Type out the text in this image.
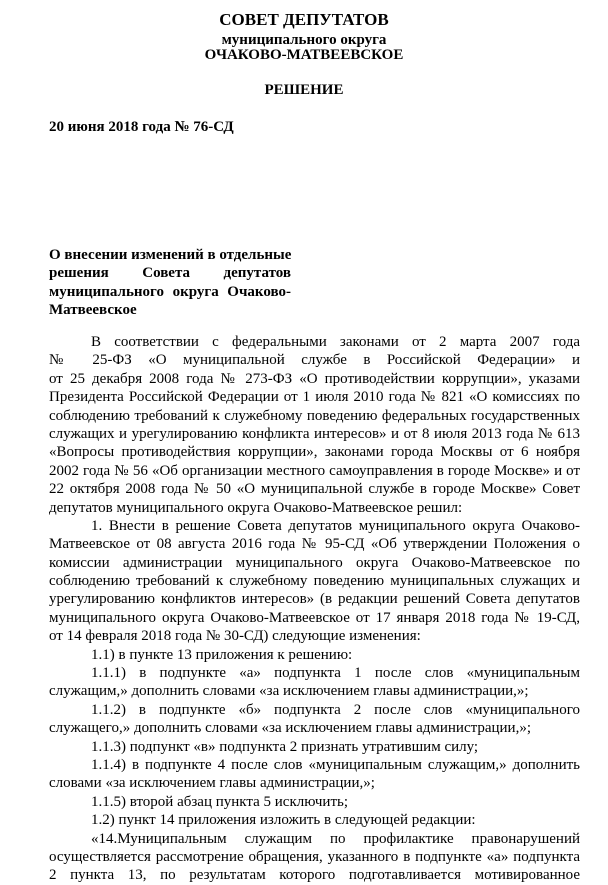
СОВЕТ ДЕПУТАТОВ
муниципального округа
ОЧАКОВО-МАТВЕЕВСКОЕ
РЕШЕНИЕ
20 июня 2018 года № 76-СД
О внесении изменений в отдельные
решения Совета депутатов
муниципального округа Очаково-
Матвеевское
В соответствии с федеральными законами от 2 марта 2007 года
№ 25-ФЗ «О муниципальной службе в Российской Федерации» и
от 25 декабря 2008 года № 273-ФЗ «О противодействии коррупции», указами
Президента Российской Федерации от 1 июля 2010 года № 821 «О комиссиях по
соблюдению требований к служебному поведению федеральных государственных
служащих и урегулированию конфликта интересов» и от 8 июля 2013 года № 613
«Вопросы противодействия коррупции», законами города Москвы от 6 ноября
2002 года № 56 «Об организации местного самоуправления в городе Москве» и от
22 октября 2008 года № 50 «О муниципальной службе в городе Москве» Совет
депутатов муниципального округа Очаково-Матвеевское решил:
1. Внести в решение Совета депутатов муниципального округа Очаково-
Матвеевское от 08 августа 2016 года № 95-СД «Об утверждении Положения о
комиссии администрации муниципального округа Очаково-Матвеевское по
соблюдению требований к служебному поведению муниципальных служащих и
урегулированию конфликтов интересов» (в редакции решений Совета депутатов
муниципального округа Очаково-Матвеевское от 17 января 2018 года № 19-СД,
от 14 февраля 2018 года № 30-СД) следующие изменения:
1.1) в пункте 13 приложения к решению:
1.1.1) в подпункте «а» подпункта 1 после слов «муниципальным
служащим,» дополнить словами «за исключением главы администрации,»;
1.1.2) в подпункте «б» подпункта 2 после слов «муниципального
служащего,» дополнить словами «за исключением главы администрации,»;
1.1.3) подпункт «в» подпункта 2 признать утратившим силу;
1.1.4) в подпункте 4 после слов «муниципальным служащим,» дополнить
словами «за исключением главы администрации,»;
1.1.5) второй абзац пункта 5 исключить;
1.2) пункт 14 приложения изложить в следующей редакции:
«14.Муниципальным служащим по профилактике правонарушений
осуществляется рассмотрение обращения, указанного в подпункте «а» подпункта
2 пункта 13, по результатам которого подготавливается мотивированное
